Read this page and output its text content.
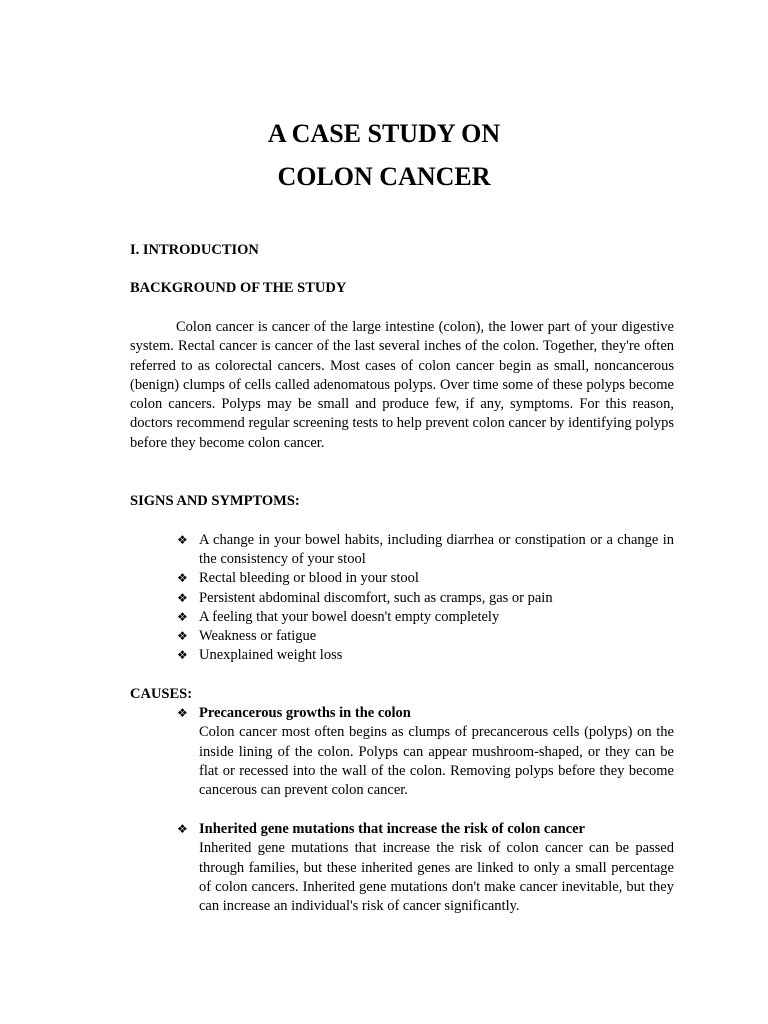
A CASE STUDY ON
COLON CANCER
I. INTRODUCTION
BACKGROUND OF THE STUDY

Colon cancer is cancer of the large intestine (colon), the lower part of your digestive system. Rectal cancer is cancer of the last several inches of the colon. Together, they're often referred to as colorectal cancers. Most cases of colon cancer begin as small, noncancerous (benign) clumps of cells called adenomatous polyps. Over time some of these polyps become colon cancers. Polyps may be small and produce few, if any, symptoms. For this reason, doctors recommend regular screening tests to help prevent colon cancer by identifying polyps before they become colon cancer.

SIGNS AND SYMPTOMS:
❖ A change in your bowel habits, including diarrhea or constipation or a change in the consistency of your stool
❖ Rectal bleeding or blood in your stool
❖ Persistent abdominal discomfort, such as cramps, gas or pain
❖ A feeling that your bowel doesn't empty completely
❖ Weakness or fatigue
❖ Unexplained weight loss
CAUSES:
❖ Precancerous growths in the colon
Colon cancer most often begins as clumps of precancerous cells (polyps) on the inside lining of the colon. Polyps can appear mushroom-shaped, or they can be flat or recessed into the wall of the colon. Removing polyps before they become cancerous can prevent colon cancer.
❖ Inherited gene mutations that increase the risk of colon cancer
Inherited gene mutations that increase the risk of colon cancer can be passed through families, but these inherited genes are linked to only a small percentage of colon cancers. Inherited gene mutations don't make cancer inevitable, but they can increase an individual's risk of cancer significantly.
